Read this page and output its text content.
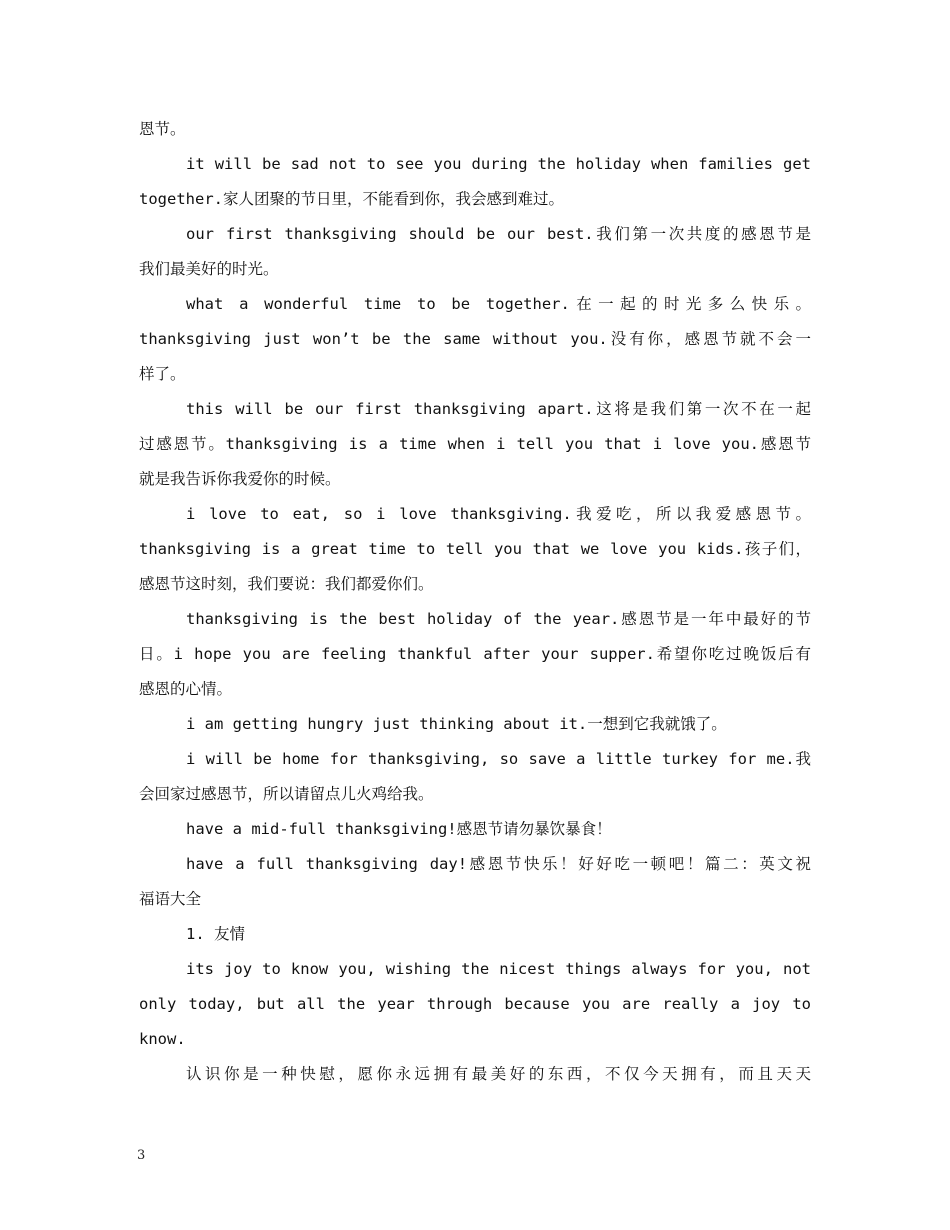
恩节。
it will be sad not to see you during the holiday when families get
together.家人团聚的节日里，不能看到你，我会感到难过。
our first thanksgiving should be our best.我们第一次共度的感恩节是
我们最美好的时光。
what a wonderful time to be together.在一起的时光多么快乐。
thanksgiving just won’t be the same without you.没有你，感恩节就不会一
样了。
this will be our first thanksgiving apart.这将是我们第一次不在一起
过感恩节。thanksgiving is a time when i tell you that i love you.感恩节
就是我告诉你我爱你的时候。
i love to eat, so i love thanksgiving.我爱吃，所以我爱感恩节。
thanksgiving is a great time to tell you that we love you kids.孩子们，
感恩节这时刻，我们要说：我们都爱你们。
thanksgiving is the best holiday of the year.感恩节是一年中最好的节
日。i hope you are feeling thankful after your supper.希望你吃过晚饭后有
感恩的心情。
i am getting hungry just thinking about it.一想到它我就饿了。
i will be home for thanksgiving, so save a little turkey for me.我
会回家过感恩节，所以请留点儿火鸡给我。
have a mid-full thanksgiving!感恩节请勿暴饮暴食！
have a full thanksgiving day!感恩节快乐！好好吃一顿吧！篇二：英文祝
福语大全
1. 友情
its joy to know you, wishing the nicest things always for you, not
only today, but all the year through because you are really a joy to
know.
认识你是一种快慰，愿你永远拥有最美好的东西，不仅今天拥有，而且天天
3
